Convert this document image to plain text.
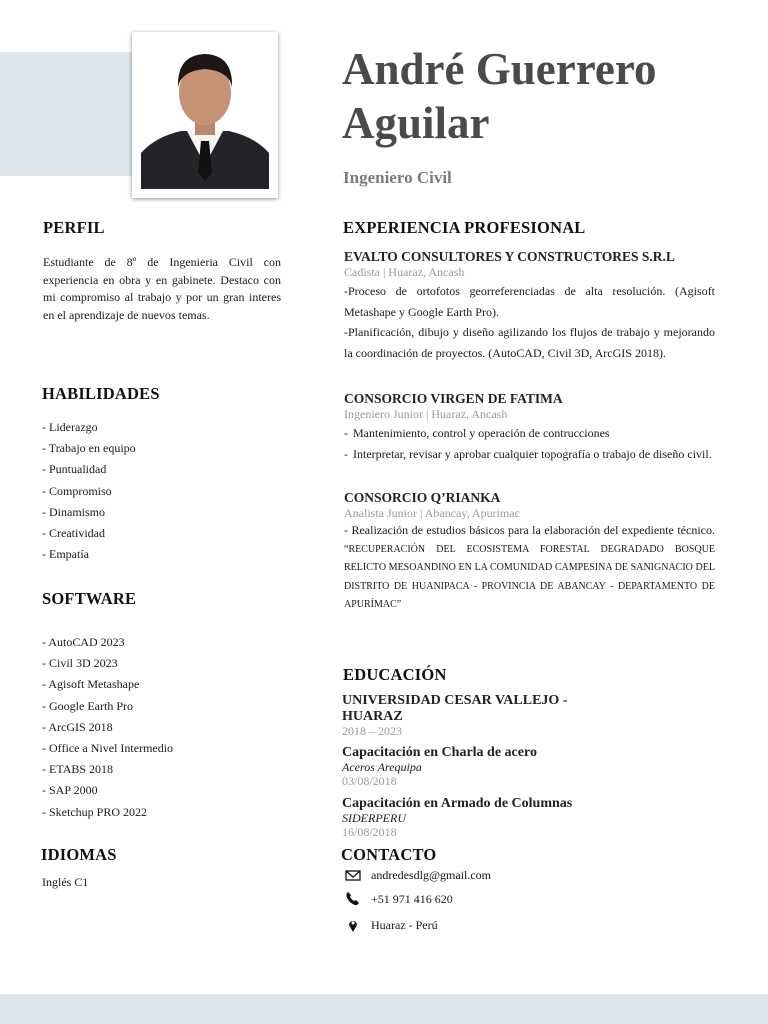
André Guerrero
Aguilar
Ingeniero Civil
PERFIL
Estudiante de 8º de Ingenieria Civil con experiencia en obra y en gabinete. Destaco con mi compromiso al trabajo y por un gran interes en el aprendizaje de nuevos temas.
HABILIDADES
- Liderazgo
- Trabajo en equipo
- Puntualidad
- Compromiso
- Dinamismo
- Creatividad
- Empatía
SOFTWARE
- AutoCAD 2023
- Civil 3D 2023
- Agisoft Metashape
- Google Earth Pro
- ArcGIS 2018
- Office a Nivel Intermedio
- ETABS 2018
- SAP 2000
- Sketchup PRO 2022
IDIOMAS
Inglés C1
EXPERIENCIA PROFESIONAL
EVALTO CONSULTORES Y CONSTRUCTORES S.R.L
Cadista | Huaraz, Ancash

-Proceso de ortofotos georreferenciadas de alta resolución. (Agisoft Metashape y Google Earth Pro).

-Planificación, dibujo y diseño agilizando los flujos de trabajo y mejorando la coordinación de proyectos. (AutoCAD, Civil 3D, ArcGIS 2018).

CONSORCIO VIRGEN DE FATIMA
Ingeniero Junior | Huaraz, Ancash
- Mantenimiento, control y operación de contrucciones
- Interpretar, revisar y aprobar cualquier topografía o trabajo de diseño civil.
CONSORCIO Q’RIANKA
Analista Junior | Abancay, Apurimac

- Realización de estudios básicos para la elaboración del expediente técnico. “RECUPERACIÓN DEL ECOSISTEMA FORESTAL DEGRADADO BOSQUE RELICTO MESOANDINO EN LA COMUNIDAD CAMPESINA DE SANIGNACIO DEL DISTRITO DE HUANIPACA - PROVINCIA DE ABANCAY - DEPARTAMENTO DE APURÍMAC”

EDUCACIÓN
UNIVERSIDAD CESAR VALLEJO -
HUARAZ
2018 – 2023
Capacitación en Charla de acero
Aceros Arequipa
03/08/2018
Capacitación en Armado de Columnas
SIDERPERU
16/08/2018
CONTACTO
andredesdlg@gmail.com
+51 971 416 620
Huaraz - Perú
